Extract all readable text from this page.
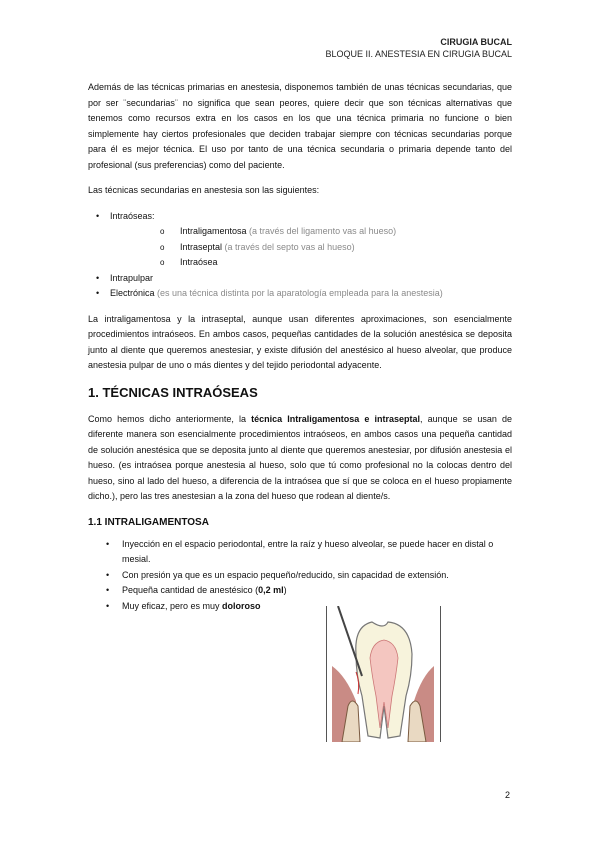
CIRUGIA BUCAL
BLOQUE II. ANESTESIA EN CIRUGIA BUCAL

Además de las técnicas primarias en anestesia, disponemos también de unas técnicas secundarias, que por ser ¨secundarias¨ no significa que sean peores, quiere decir que son técnicas alternativas que tenemos como recursos extra en los casos en los que una técnica primaria no funcione o bien simplemente hay ciertos profesionales que deciden trabajar siempre con técnicas secundarias porque para él es mejor técnica. El uso por tanto de una técnica secundaria o primaria depende tanto del profesional (sus preferencias) como del paciente.

Las técnicas secundarias en anestesia son las siguientes:

• Intraóseas:
o Intraligamentosa (a través del ligamento vas al hueso)
o Intraseptal (a través del septo vas al hueso)
o Intraósea
• Intrapulpar
• Electrónica (es una técnica distinta por la aparatología empleada para la anestesia)

La intraligamentosa y la intraseptal, aunque usan diferentes aproximaciones, son esencialmente procedimientos intraóseos. En ambos casos, pequeñas cantidades de la solución anestésica se deposita junto al diente que queremos anestesiar, y existe difusión del anestésico al hueso alveolar, que produce anestesia pulpar de uno o más dientes y del tejido periodontal adyacente.

1. TÉCNICAS INTRAÓSEAS

Como hemos dicho anteriormente, la técnica Intraligamentosa e intraseptal, aunque se usan de diferente manera son esencialmente procedimientos intraóseos, en ambos casos una pequeña cantidad de solución anestésica que se deposita junto al diente que queremos anestesiar, por difusión anestesia el hueso. (es intraósea porque anestesia al hueso, solo que tú como profesional no la colocas dentro del hueso, sino al lado del hueso, a diferencia de la intraósea que sí que se coloca en el hueso propiamente dicho.), pero las tres anestesian a la zona del hueso que rodean al diente/s.

1.1 INTRALIGAMENTOSA
• Inyección en el espacio periodontal, entre la raíz y hueso alveolar, se puede hacer en distal o mesial.
• Con presión ya que es un espacio pequeño/reducido, sin capacidad de extensión.
• Pequeña cantidad de anestésico (0,2 ml)
• Muy eficaz, pero es muy doloroso
2
